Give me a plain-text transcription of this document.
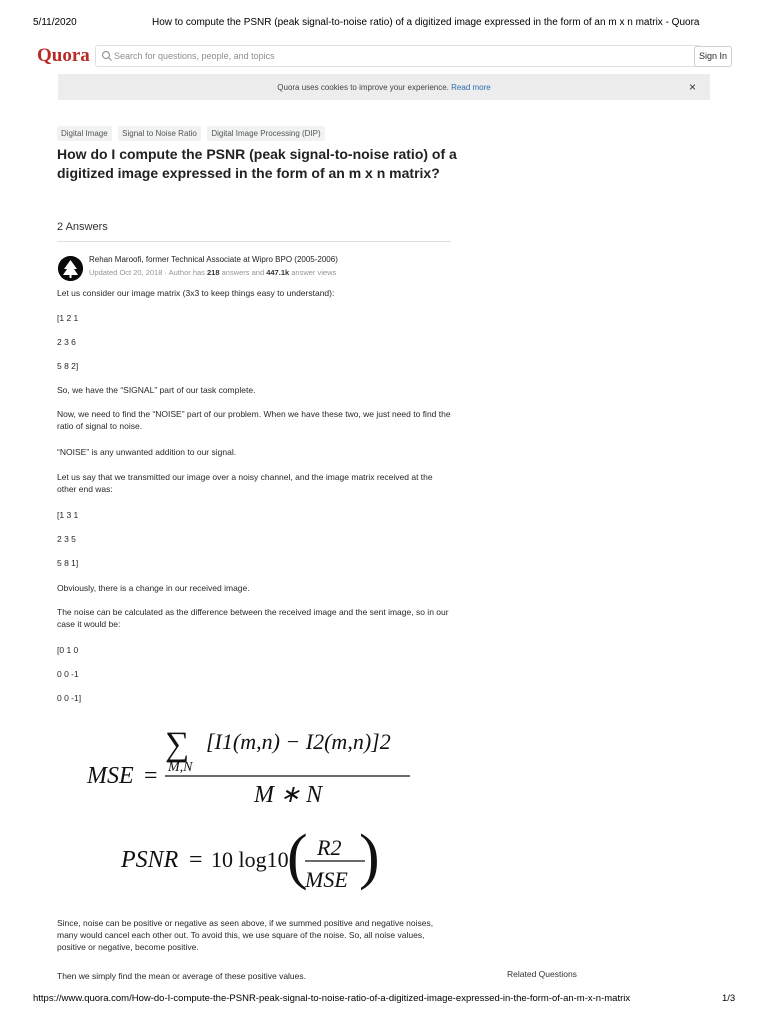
5/11/2020	How to compute the PSNR (peak signal-to-noise ratio) of a digitized image expressed in the form of an m x n matrix - Quora
Quora	Search for questions, people, and topics	Sign In
Quora uses cookies to improve your experience. Read more	×
Digital Image Signal to Noise Ratio Digital Image Processing (DIP)
How do I compute the PSNR (peak signal-to-noise ratio) of a digitized image expressed in the form of an m x n matrix?
2 Answers
Rehan Maroofi, former Technical Associate at Wipro BPO (2005-2006)
Updated Oct 20, 2018 · Author has 218 answers and 447.1k answer views
Let us consider our image matrix (3x3 to keep things easy to understand):
[1 2 1
2 3 6
5 8 2]
So, we have the “SIGNAL” part of our task complete.
Now, we need to find the “NOISE” part of our problem. When we have these two, we just need to find the ratio of signal to noise.
“NOISE” is any unwanted addition to our signal.
Let us say that we transmitted our image over a noisy channel, and the image matrix received at the other end was:
[1 3 1
2 3 5
5 8 1]
Obviously, there is a change in our received image.
The noise can be calculated as the difference between the received image and the sent image, so in our case it would be:
[0 1 0
0 0 -1
0 0 -1]
MSE =
∑
M,N
[I1(m,n) − I2(m,n)]2
M ∗ N
PSNR = 10 log10
( R2
MSE )
Since, noise can be positive or negative as seen above, if we summed positive and negative noises, many would cancel each other out. To avoid this, we use square of the noise. So, all noise values, positive or negative, become positive.
Then we simply find the mean or average of these positive values.	Related Questions
https://www.quora.com/How-do-I-compute-the-PSNR-peak-signal-to-noise-ratio-of-a-digitized-image-expressed-in-the-form-of-an-m-x-n-matrix	1/3
